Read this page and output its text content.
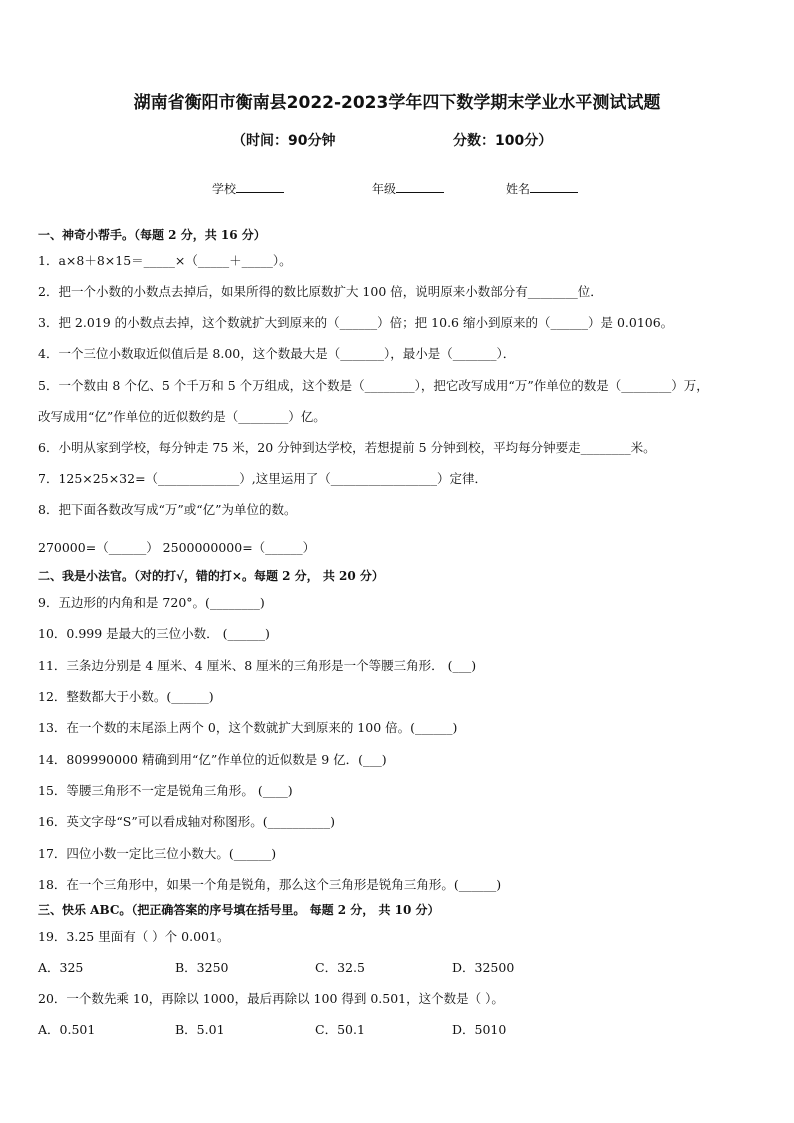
湖南省衡阳市衡南县2022-2023学年四下数学期末学业水平测试试题
（时间：90分钟	分数：100分）
学校	年级	姓名
一、神奇小帮手。（每题 2 分，共 16 分）
1．a×8＋8×15＝_____×（_____＋_____）。
2．把一个小数的小数点去掉后，如果所得的数比原数扩大 100 倍，说明原来小数部分有________位．
3．把 2.019 的小数点去掉，这个数就扩大到原来的（______）倍；把 10.6 缩小到原来的（______）是 0.0106。
4．一个三位小数取近似值后是 8.00，这个数最大是（_______），最小是（_______）．
5．一个数由 8 个亿、5 个千万和 5 个万组成，这个数是（________），把它改写成用“万”作单位的数是（________）万，
改写成用“亿”作单位的近似数约是（________）亿。
6．小明从家到学校，每分钟走 75 米，20 分钟到达学校，若想提前 5 分钟到校，平均每分钟要走________米。
7．125×25×32=（_____________）,这里运用了（_________________）定律．
8．把下面各数改写成“万”或“亿”为单位的数。
270000=（______） 2500000000=（______）
二、我是小法官。（对的打√，错的打×。每题 2 分， 共 20 分）
9．五边形的内角和是 720°。(________)
10．0.999 是最大的三位小数． (______)
11．三条边分别是 4 厘米、4 厘米、8 厘米的三角形是一个等腰三角形． (___)
12．整数都大于小数。(______)
13．在一个数的末尾添上两个 0，这个数就扩大到原来的 100 倍。(______)
14．809990000 精确到用“亿”作单位的近似数是 9 亿．(___)
15．等腰三角形不一定是锐角三角形。 (____)
16．英文字母“S”可以看成轴对称图形。(__________)
17．四位小数一定比三位小数大。(______)
18．在一个三角形中，如果一个角是锐角，那么这个三角形是锐角三角形。(______)
三、快乐 ABC。（把正确答案的序号填在括号里。 每题 2 分， 共 10 分）
19．3.25 里面有（ ）个 0.001。
A．325	B．3250	C．32.5	D．32500
20．一个数先乘 10，再除以 1000，最后再除以 100 得到 0.501，这个数是（ ）。
A．0.501	B．5.01	C．50.1	D．5010
